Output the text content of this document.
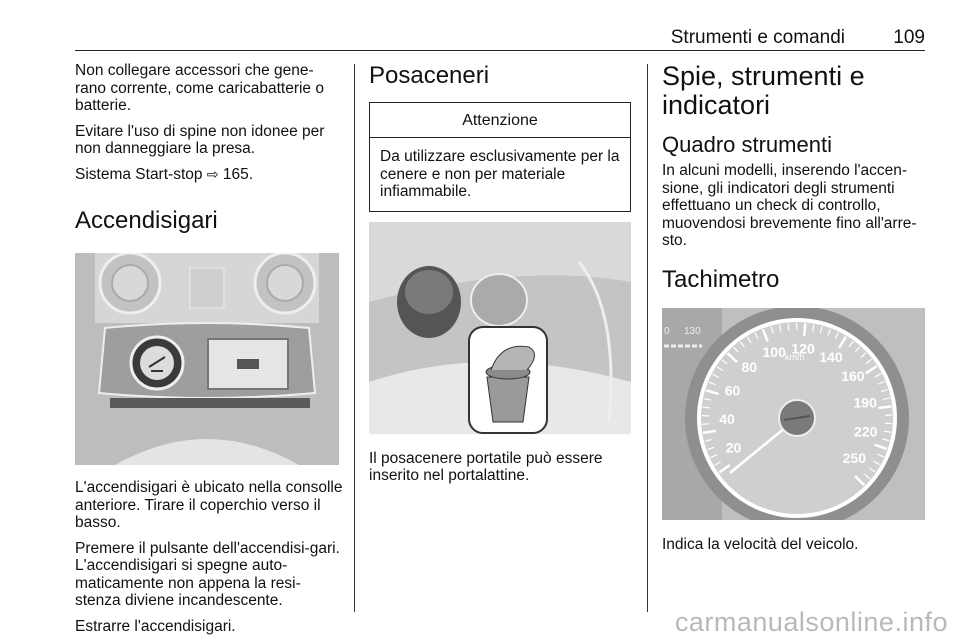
Strumenti e comandi	109

Non collegare accessori che gene-rano corrente, come caricabatterie o batterie.

Evitare l'uso di spine non idonee per non danneggiare la presa.

Sistema Start-stop ⇨ 165.

Accendisigari

L'accendisigari è ubicato nella consolle anteriore. Tirare il coperchio verso il basso.

Premere il pulsante dell'accendisi-gari. L'accendisigari si spegne auto-maticamente non appena la resi-stenza diviene incandescente.

Estrarre l'accendisigari.

Posaceneri
Attenzione

Da utilizzare esclusivamente per la cenere e non per materiale infiammabile.

Il posacenere portatile può essere inserito nel portalattine.

Spie, strumenti e indicatori
Quadro strumenti

In alcuni modelli, inserendo l'accen-sione, gli indicatori degli strumenti effettuano un check di controllo, muovendosi brevemente fino all'arre-sto.

Tachimetro
0 130
20
40
60
80
100 120
140
160
190
220
250
km/h

Indica la velocità del veicolo.

carmanualsonline.info
